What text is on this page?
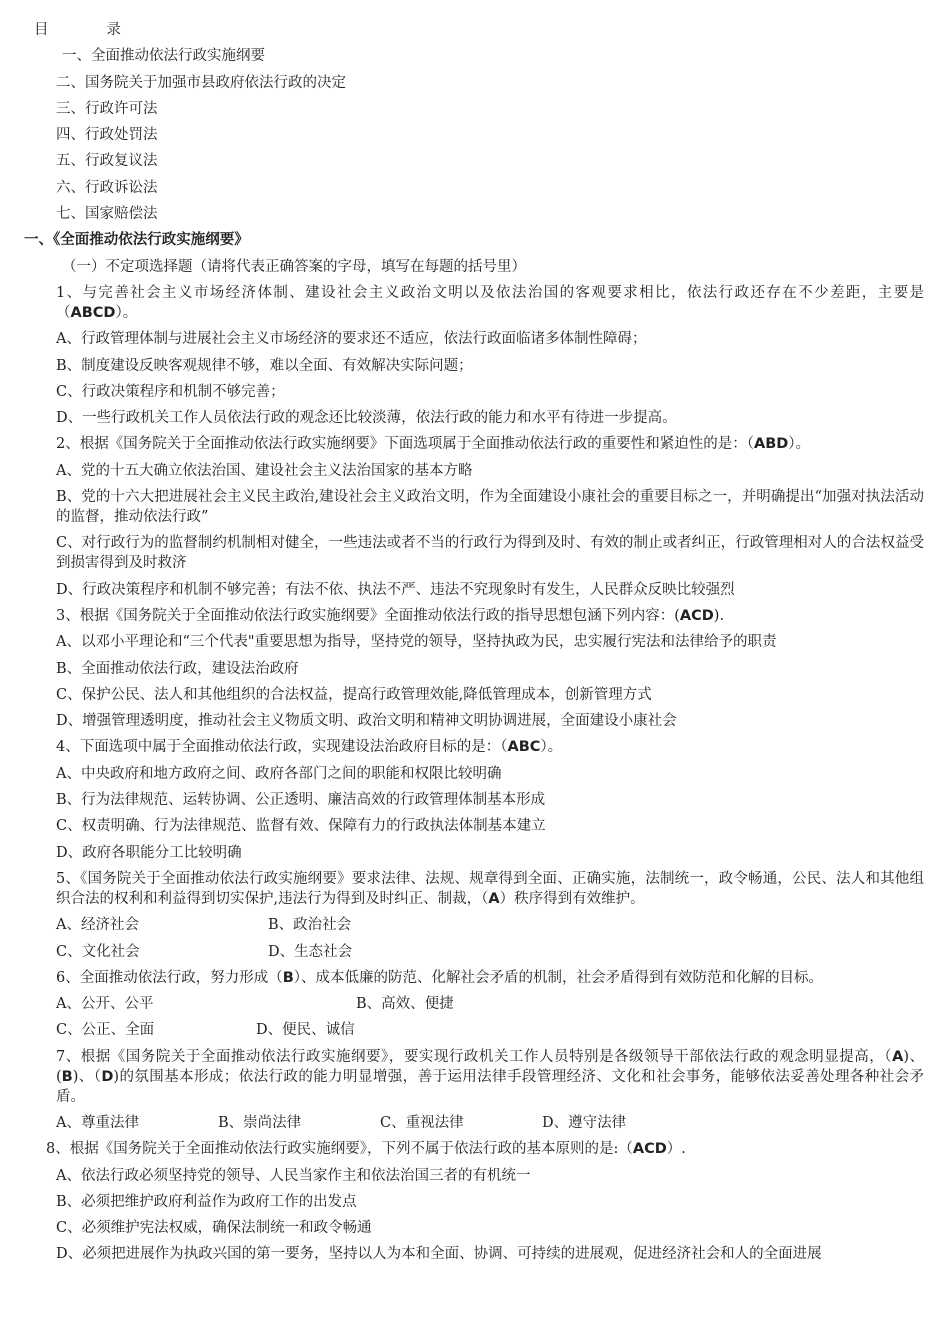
目	录
一、全面推动依法行政实施纲要
二、国务院关于加强市县政府依法行政的决定
三、行政许可法
四、行政处罚法
五、行政复议法
六、行政诉讼法
七、国家赔偿法
一、《全面推动依法行政实施纲要》
（一）不定项选择题（请将代表正确答案的字母，填写在每题的括号里）
1、与完善社会主义市场经济体制、建设社会主义政治文明以及依法治国的客观要求相比，依法行政还存在不少差距，主要是（ABCD）。
A、行政管理体制与进展社会主义市场经济的要求还不适应，依法行政面临诸多体制性障碍；
B、制度建设反映客观规律不够，难以全面、有效解决实际问题；
C、行政决策程序和机制不够完善；
D、一些行政机关工作人员依法行政的观念还比较淡薄，依法行政的能力和水平有待进一步提高。
2、根据《国务院关于全面推动依法行政实施纲要》下面选项属于全面推动依法行政的重要性和紧迫性的是：（ABD）。
A、党的十五大确立依法治国、建设社会主义法治国家的基本方略
B、党的十六大把进展社会主义民主政治,建设社会主义政治文明，作为全面建设小康社会的重要目标之一，并明确提出“加强对执法活动的监督，推动依法行政”
C、对行政行为的监督制约机制相对健全，一些违法或者不当的行政行为得到及时、有效的制止或者纠正，行政管理相对人的合法权益受到损害得到及时救济
D、行政决策程序和机制不够完善；有法不依、执法不严、违法不究现象时有发生，人民群众反映比较强烈
3、根据《国务院关于全面推动依法行政实施纲要》全面推动依法行政的指导思想包涵下列内容：(ACD).
A、以邓小平理论和“三个代表"重要思想为指导，坚持党的领导，坚持执政为民，忠实履行宪法和法律给予的职责
B、全面推动依法行政，建设法治政府
C、保护公民、法人和其他组织的合法权益，提高行政管理效能,降低管理成本，创新管理方式
D、增强管理透明度，推动社会主义物质文明、政治文明和精神文明协调进展，全面建设小康社会
4、下面选项中属于全面推动依法行政，实现建设法治政府目标的是：（ABC）。
A、中央政府和地方政府之间、政府各部门之间的职能和权限比较明确
B、行为法律规范、运转协调、公正透明、廉洁高效的行政管理体制基本形成
C、权责明确、行为法律规范、监督有效、保障有力的行政执法体制基本建立
D、政府各职能分工比较明确
5、《国务院关于全面推动依法行政实施纲要》要求法律、法规、规章得到全面、正确实施，法制统一，政令畅通，公民、法人和其他组织合法的权利和利益得到切实保护,违法行为得到及时纠正、制裁，（A）秩序得到有效维护。
A、经济社会	B、政治社会
C、文化社会	D、生态社会
6、全面推动依法行政，努力形成（B）、成本低廉的防范、化解社会矛盾的机制，社会矛盾得到有效防范和化解的目标。
A、公开、公平	B、高效、便捷
C、公正、全面	D、便民、诚信
7、根据《国务院关于全面推动依法行政实施纲要》，要实现行政机关工作人员特别是各级领导干部依法行政的观念明显提高，（A)、(B)、（D)的氛围基本形成；依法行政的能力明显增强，善于运用法律手段管理经济、文化和社会事务，能够依法妥善处理各种社会矛盾。
A、尊重法律	B、崇尚法律	C、重视法律	D、遵守法律
8、根据《国务院关于全面推动依法行政实施纲要》，下列不属于依法行政的基本原则的是:（ACD）.
A、依法行政必须坚持党的领导、人民当家作主和依法治国三者的有机统一
B、必须把维护政府利益作为政府工作的出发点
C、必须维护宪法权威，确保法制统一和政令畅通
D、必须把进展作为执政兴国的第一要务，坚持以人为本和全面、协调、可持续的进展观，促进经济社会和人的全面进展
